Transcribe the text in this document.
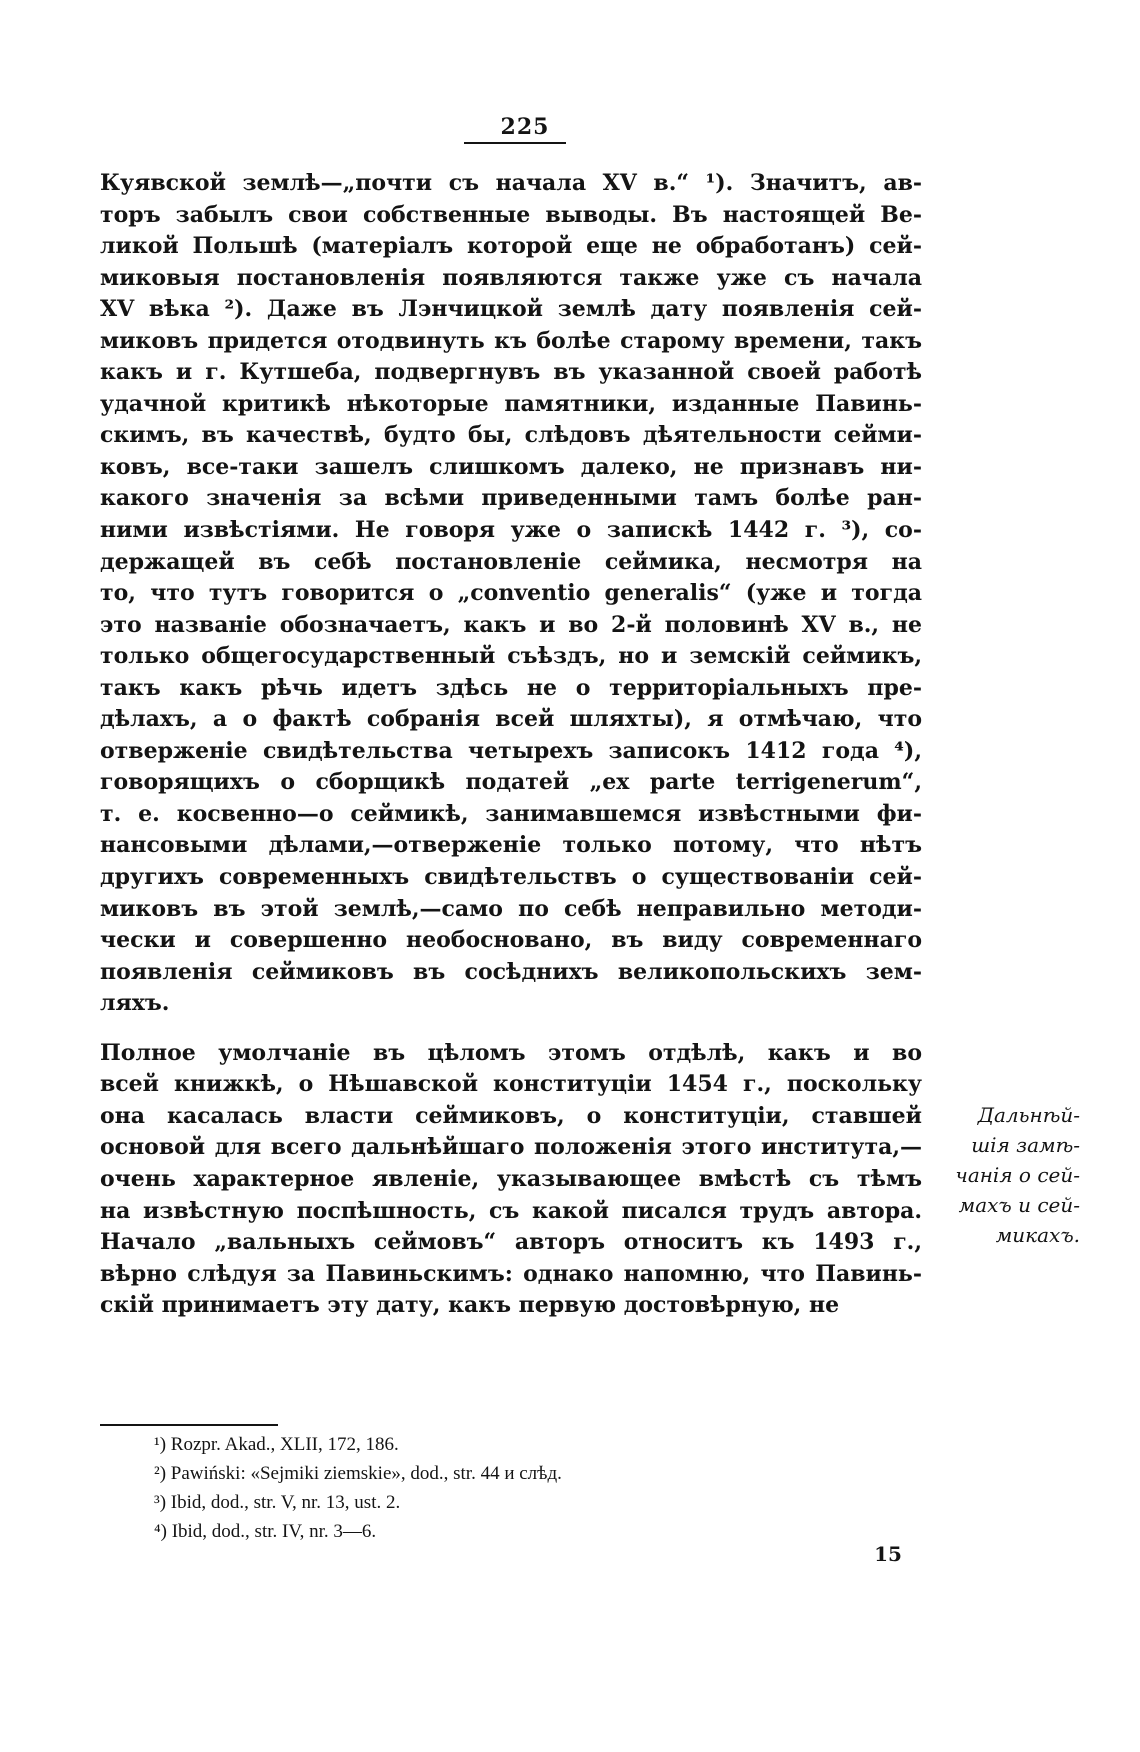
225
Куявской землѣ—„почти съ начала XV в.“ ¹). Значитъ, ав-
торъ забылъ свои собственные выводы. Въ настоящей Ве-
ликой Польшѣ (матеріалъ которой еще не обработанъ) сей-
миковыя постановленія появляются также уже съ начала
XV вѣка ²). Даже въ Лэнчицкой землѣ дату появленія сей-
миковъ придется отодвинуть къ болѣе старому времени, такъ
какъ и г. Кутшеба, подвергнувъ въ указанной своей работѣ
удачной критикѣ нѣкоторые памятники, изданные Павинь-
скимъ, въ качествѣ, будто бы, слѣдовъ дѣятельности сейми-
ковъ, все-таки зашелъ слишкомъ далеко, не признавъ ни-
какого значенія за всѣми приведенными тамъ болѣе ран-
ними извѣстіями. Не говоря уже о запискѣ 1442 г. ³), со-
держащей въ себѣ постановленіе сеймика, несмотря на
то, что тутъ говорится о „conventio generalis“ (уже и тогда
это названіе обозначаетъ, какъ и во 2-й половинѣ XV в., не
только общегосударственный съѣздъ, но и земскій сеймикъ,
такъ какъ рѣчь идетъ здѣсь не о территоріальныхъ пре-
дѣлахъ, а о фактѣ собранія всей шляхты), я отмѣчаю, что
отверженіе свидѣтельства четырехъ записокъ 1412 года ⁴),
говорящихъ о сборщикѣ податей „ex parte terrigenerum“,
т. е. косвенно—о сеймикѣ, занимавшемся извѣстными фи-
нансовыми дѣлами,—отверженіе только потому, что нѣтъ
другихъ современныхъ свидѣтельствъ о существованіи сей-
миковъ въ этой землѣ,—само по себѣ неправильно методи-
чески и совершенно необосновано, въ виду современнаго
появленія сеймиковъ въ сосѣднихъ великопольскихъ зем-
ляхъ.
Полное умолчаніе въ цѣломъ этомъ отдѣлѣ, какъ и во
всей книжкѣ, о Нѣшавской конституціи 1454 г., поскольку
она касалась власти сеймиковъ, о конституціи, ставшей
основой для всего дальнѣйшаго положенія этого института,—
очень характерное явленіе, указывающее вмѣстѣ съ тѣмъ
на извѣстную поспѣшность, съ какой писался трудъ автора.
Начало „вальныхъ сеймовъ“ авторъ относитъ къ 1493 г.,
вѣрно слѣдуя за Павиньскимъ: однако напомню, что Павинь-
скій принимаетъ эту дату, какъ первую достовѣрную, не
Дальнѣй-
шія замѣ-
чанія о сей-
махъ и сей-
микахъ.
¹) Rozpr. Akad., XLII, 172, 186.
²) Pawiński: «Sejmiki ziemskie», dod., str. 44 и слѣд.
³) Ibid, dod., str. V, nr. 13, ust. 2.
⁴) Ibid, dod., str. IV, nr. 3—6.
15
